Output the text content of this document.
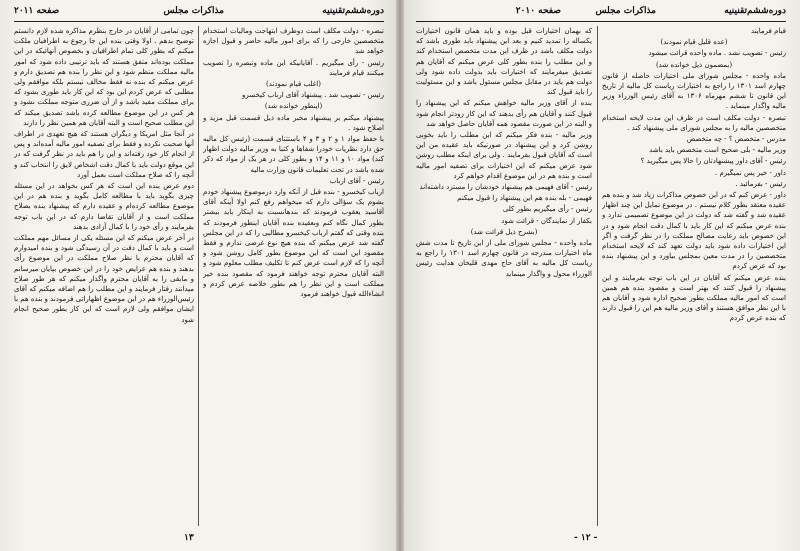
دوره‌ششم‌تقنینیه
مذاکرات مجلس
صفحه ۲۰۱۱

تبصره - دولت مکلف است دوطرف ابتهاجت ومالیات استخدام متخصصین خارجی را که برای امور مالیه حاضر و قبول اجازه خواهد شد

رئیس - رأی میگیریم . آقایانیکه این ماده وتبصره را تصویب میکنند قیام فرمایند

(اغلب قیام نمودند)

رئیس - تصویب شد . پیشنهاد آقای ارباب کیخسرو

(اینطور خوانده شد)

پیشنهاد میکنم بر پیشنهاد مخبر ماده ذیل قسمت قبل مزید و اصلاح شود .

با حفظ مواد ۱ و ۲ و ۳ و ۴ باستثنای قسمت (رئیس کل مالیه حق دارد نظریات خودرا شفاها و کتبا به وزیر مالیه دولت اظهار کند) مواد ۱۰ و ۱۱ و ۱۴ و بطور کلی در هر یک از مواد که ذکر شده باشد در تحت تعلیمات قانون وزارت مالیه

رئیس - آقای ارباب

ارباب کیخسرو - بنده قبل از آنکه وارد درموضوع پیشنهاد خودم بشوم یک سؤالی دارم که میخواهم رفع کنم اولا آینکه آقای آقاسید یعقوب فرمودند که بندهانسبت به اینکار باید بیشتر بطور کمال نگاه کنم وبعقیده بنده آقایان اینطور فرمودند که بنده وقتی که گفتم ارباب کیخسرو مطالبی را که در این مجلس گفته شد عرض میکنم که بنده هیچ نوع غرضی ندارم و فقط مقصود این است که این موضوع بطور کامل روشن شود و آنچه را که لازم است عرض کنم تا تکلیف مطلب معلوم شود و البته آقایان محترم توجه خواهند فرمود که مقصود بنده خیر مملکت است و این نظر را هم بطور خلاصه عرض کردم و انشاءالله قبول خواهند فرمود

چون تمامی از آقایان در خارج بنظرم مذاکره شده لازم دانستم توضیح بدهم . اولا وقتی بنده این جا رجوع به اطرافیان ملکت میکنم که بطور کلی تمام اطرافیان و بخصوص آنهائیکه در این مملکت بوده‌اند متفق هستند که باید ترتیبی داده شود که امور مالیه مملکت منظم شود و این نظر را بنده هم تصدیق دارم و عرض میکنم که بنده نه فقط مخالف نیستم بلکه موافقم ولی مطلبی که عرض کردم این بود که این کار باید طوری بشود که برای مملکت مفید باشد و از آن ضرری متوجه مملکت نشود و هر کس در این موضوع مطالعه کرده باشد تصدیق میکند که این مطلب صحیح است و البته آقایان هم همین نظر را دارند

در آنجا مثل امریکا و دیگران هستند که هیچ تعهدی در اطراف آنها صحبت نکرده و فقط برای تصفیه امور مالیه آمده‌اند و پس از انجام کار خود رفته‌اند و این را هم باید در نظر گرفت که در این موقع دولت باید با کمال دقت اشخاص لایق را انتخاب کند و آنچه را که صلاح مملکت است بعمل آورد

دوم عرض بنده این است که هر کس بخواهد در این مسئله چیزی بگوید باید با مطالعه کامل بگوید و بنده هم در این موضوع مطالعه کرده‌ام و عقیده دارم که پیشنهاد بنده بصلاح مملکت است و از آقایان تقاضا دارم که در این باب توجه بفرمایند و رأی خود را با کمال آزادی بدهند

در آخر عرض میکنم که این مسئله یکی از مسائل مهم مملکت است و باید با کمال دقت در آن رسیدگی شود و بنده امیدوارم که آقایان محترم با نظر صلاح مملکت در این موضوع رأی بدهند و بنده هم عرایض خود را در این خصوص بپایان میرسانم و مابقی را به آقایان محترم واگذار میکنم که هر طور صلاح میدانند رفتار فرمایند و این مطلب را هم اضافه میکنم که آقای رئیس‌الوزراء هم در این موضوع اظهاراتی فرمودند و بنده هم با ایشان موافقم ولی لازم است که این کار بطور صحیح انجام شود

۱۳
دوره‌ششم‌تقنینیه
مذاکرات مجلس
صفحه ۲۰۱۰

قیام فرمایند

(عده قلیل قیام نمودند)

رئیس - تصویب نشد . ماده واحده قرائت میشود

(بمضمون ذیل خوانده شد)

ماده واحده - مجلس شورای ملی اختیارات حاصله از قانون چهارم اسد ۱۳۰۱ را راجع به اختیارات ریاست کل مالیه از تاریخ این قانون تا ششم مهرماه ۱۳۰۶ به آقای رئیس الوزراء وزیر مالیه واگذار مینماید .

تبصره - دولت مکلف است در ظرف این مدت لایحه استخدام متخصصین مالیه را به مجلس شورای ملی پیشنهاد کند .

مدرس - متخصص ؟ - چه متخصص

وزیر مالیه - بلی صحیح است متخصص باید باشد

رئیس - آقای داور پیشنهادتان را حالا پس میگیرید ؟

داور - خیر پس نمیگیرم .

رئیس - بفرمائید .

داور - عرض کنم که در این خصوص مذاکرات زیاد شد و بنده هم عقیده معتقد بطور کلام نیستم . در موضوع تمایل این چند اظهار عقیده شد و گفته شد که دولت در این موضوع تصمیمی ندارد و بنده عرض میکنم که این کار باید با کمال دقت انجام شود و در این خصوص باید رعایت مصالح مملکت را در نظر گرفت و اگر این اختیارات داده شود باید دولت تعهد کند که لایحه استخدام متخصصین را در مدت معین بمجلس بیاورد و این پیشنهاد بنده بود که عرض کردم

بنده عرض میکنم که آقایان در این باب توجه بفرمایند و این پیشنهاد را قبول کنند که بهتر است و مقصود بنده هم همین است که امور مالیه مملکت بطور صحیح اداره شود و آقایان هم با این نظر موافق هستند و آقای وزیر مالیه هم این را قبول دارند که بنده عرض کردم

که بهمان اختیارات قبل بوده و باید همان قانون اختیارات یکساله را تمدید کنیم و بعد این پیشنهاد باید طوری باشد که دولت مکلف باشد در ظرف این مدت متخصص استخدام کند و این مطلب را بنده بطور کلی عرض میکنم که آقایان هم تصدیق میفرمایند که اختیارات باید بدولت داده شود ولی دولت هم باید در مقابل مجلس مسئول باشد و این مسئولیت را باید قبول کند

بنده از آقای وزیر مالیه خواهش میکنم که این پیشنهاد را قبول کنند و آقایان هم رأی بدهند که این کار زودتر انجام شود و البته در این صورت مقصود همه آقایان حاصل خواهد شد

وزیر مالیه - بنده فکر میکنم که این مطلب را باید بخوبی روشن کرد و این پیشنهاد در صورتیکه باید عقیده من این است که آقایان قبول بفرمایند . ولی برای اینکه مطلب روشن شود عرض میکنم که این اختیارات برای تصفیه امور مالیه است و بنده هم در این موضوع اقدام خواهم کرد

رئیس - آقای فهیمی هم پیشنهاد خودشان را مسترد داشته‌اند

فهیمی - بله بنده هم این پیشنهاد را قبول میکنم

رئیس - رأی میگیریم بطور کلی

بکفار از نمایندگان - قرائت شود

(بشرح ذیل قرائت شد)

ماده واحده - مجلس شورای ملی از این تاریخ تا مدت شش ماه اختیارات مندرجه در قانون چهارم اسد ۱۳۰۱ را راجع به ریاست کل مالیه به آقای حاج مهدی قلیخان هدایت رئیس الوزراء محول و واگذار مینماید

- ۱۲ -
